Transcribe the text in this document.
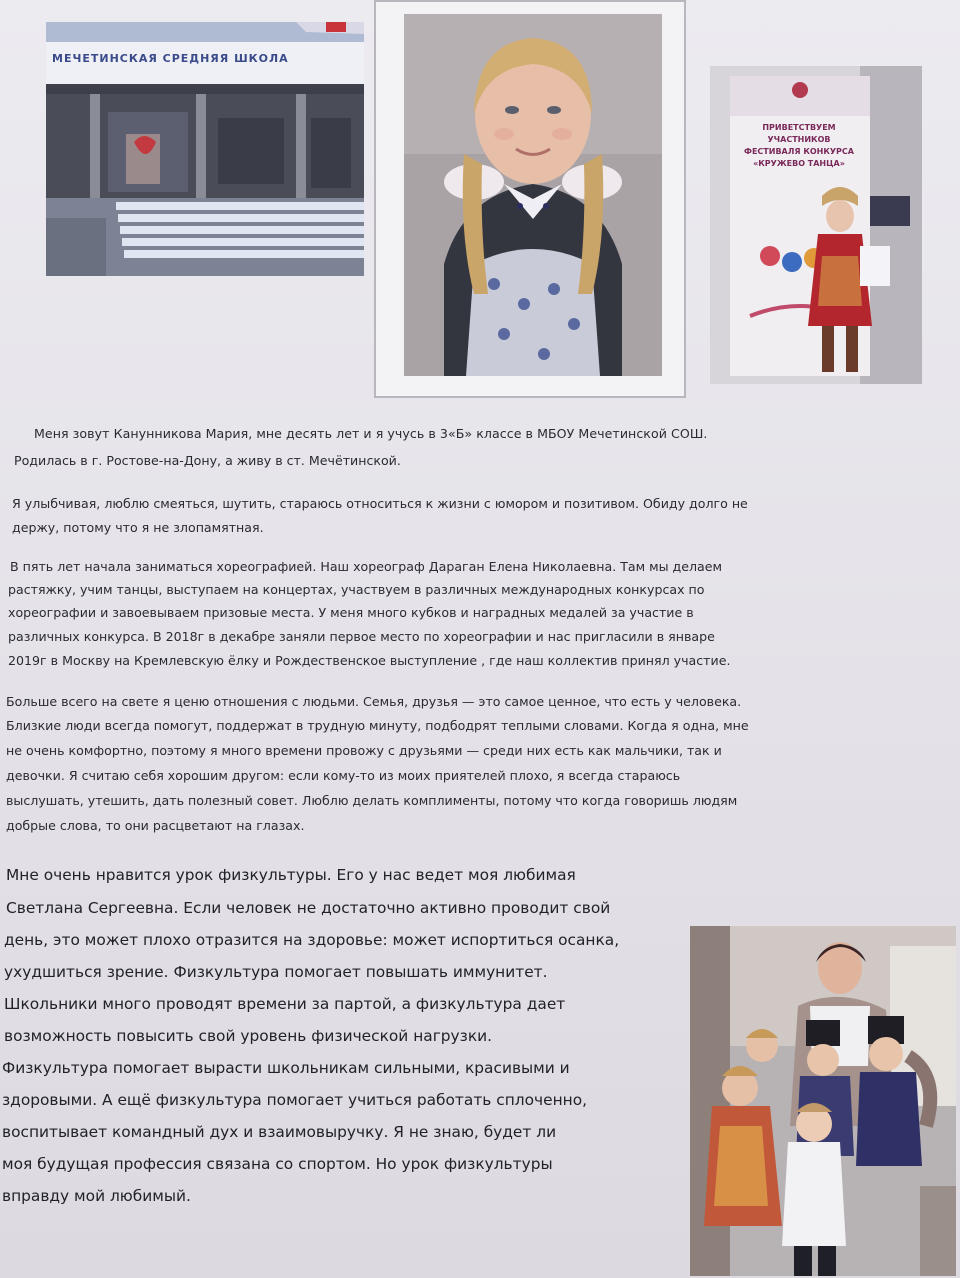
МЕЧЕТИНСКАЯ СРЕДНЯЯ ШКОЛА
ПРИВЕТСТВУЕМ УЧАСТНИКОВ ФЕСТИВАЛЯ КОНКУРСА «КРУЖЕВО ТАНЦА»

Меня зовут Канунникова Мария, мне десять лет и я учусь в 3«Б» классе в МБОУ Мечетинской СОШ.

Родилась в г. Ростове-на-Дону, а живу в ст. Мечётинской.

Я улыбчивая, люблю смеяться, шутить, стараюсь относиться к жизни с юмором и позитивом. Обиду долго не

держу, потому что я не злопамятная.

В пять лет начала заниматься хореографией. Наш хореограф Дараган Елена Николаевна. Там мы делаем

растяжку, учим танцы, выступаем на концертах, участвуем в различных международных конкурсах по

хореографии и завоевываем призовые места. У меня много кубков и наградных медалей за участие в

различных конкурса. В 2018г в декабре заняли первое место по хореографии и нас пригласили в январе

2019г в Москву на Кремлевскую ёлку и Рождественское выступление , где наш коллектив принял участие.

Больше всего на свете я ценю отношения с людьми. Семья, друзья — это самое ценное, что есть у человека.

Близкие люди всегда помогут, поддержат в трудную минуту, подбодрят теплыми словами. Когда я одна, мне

не очень комфортно, поэтому я много времени провожу с друзьями — среди них есть как мальчики, так и

девочки. Я считаю себя хорошим другом: если кому-то из моих приятелей плохо, я всегда стараюсь

выслушать, утешить, дать полезный совет. Люблю делать комплименты, потому что когда говоришь людям

добрые слова, то они расцветают на глазах.

Мне очень нравится урок физкультуры. Его у нас ведет моя любимая

Светлана Сергеевна. Если человек не достаточно активно проводит свой

день, это может плохо отразится на здоровье: может испортиться осанка,

ухудшиться зрение. Физкультура помогает повышать иммунитет.

Школьники много проводят времени за партой, а физкультура дает

возможность повысить свой уровень физической нагрузки.

Физкультура помогает вырасти школьникам сильными, красивыми и

здоровыми. А ещё физкультура помогает учиться работать сплоченно,

воспитывает командный дух и взаимовыручку. Я не знаю, будет ли

моя будущая профессия связана со спортом. Но урок физкультуры

вправду мой любимый.
